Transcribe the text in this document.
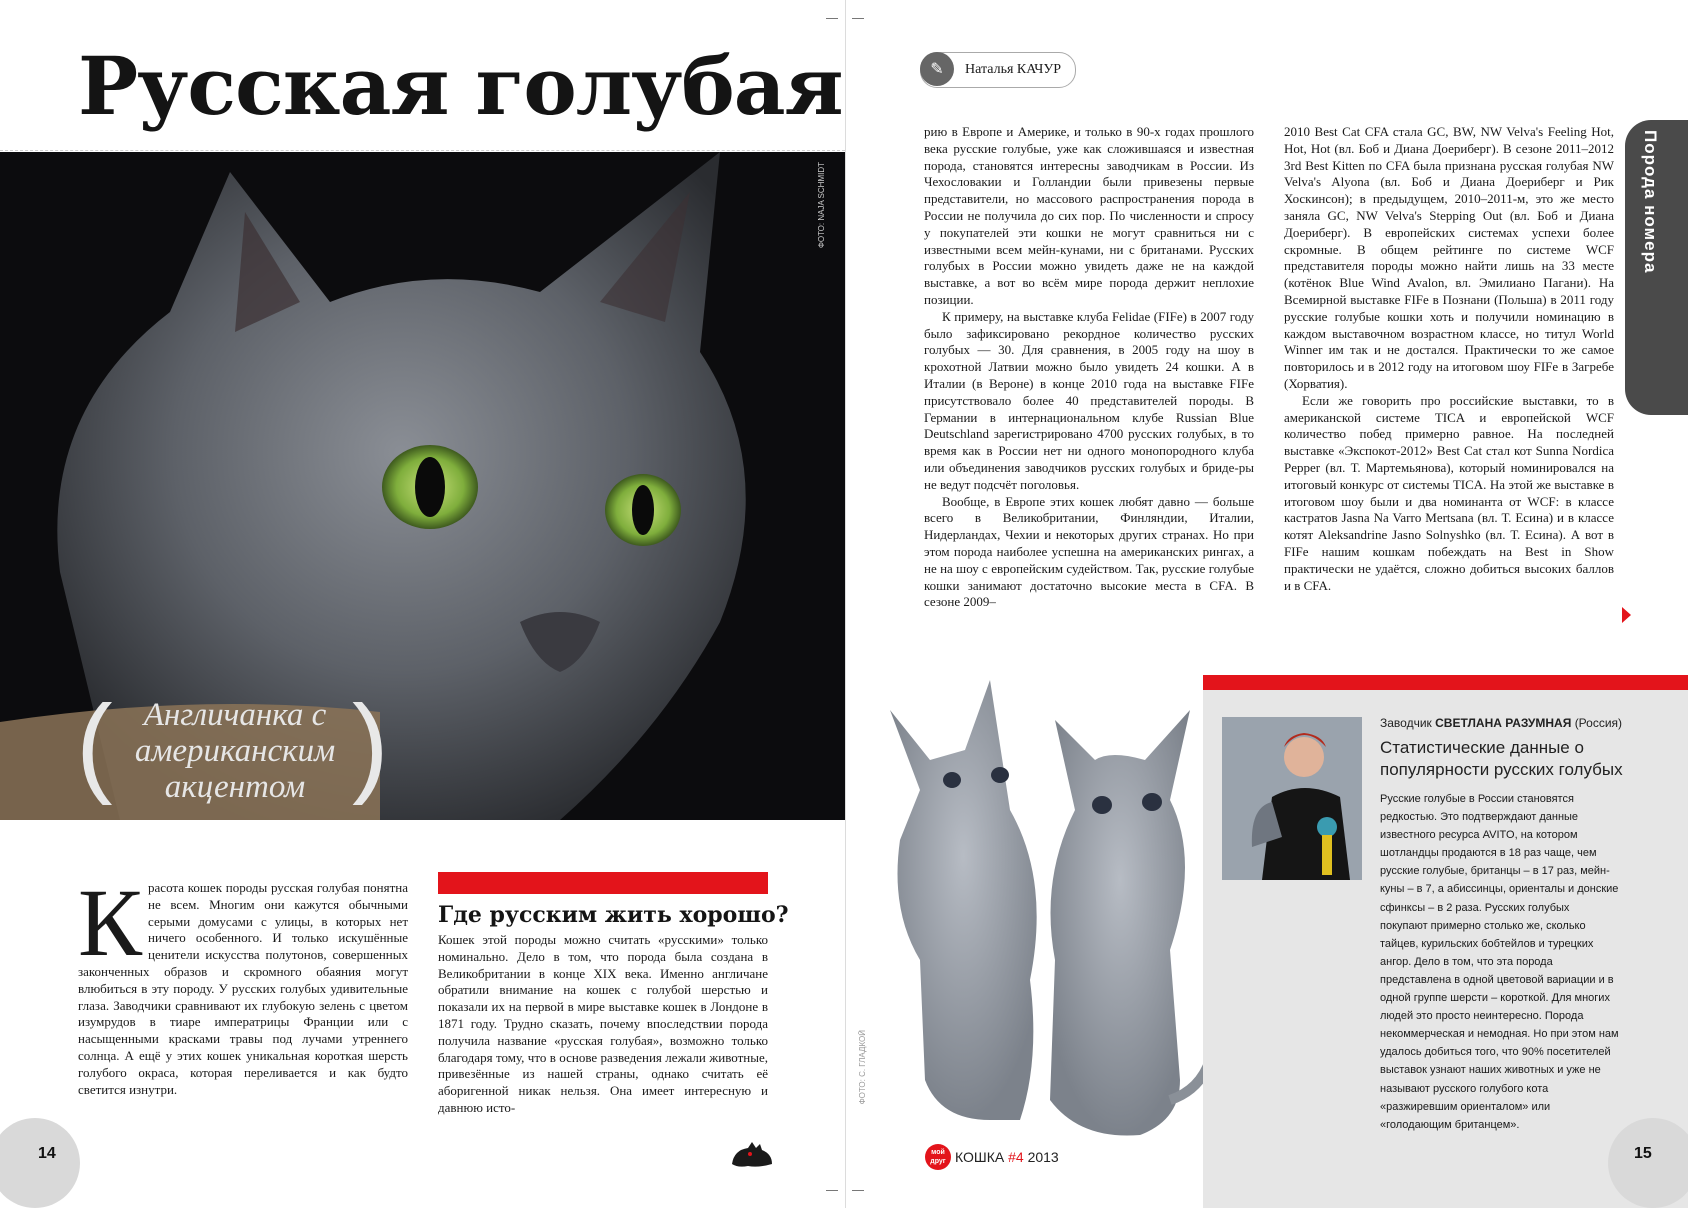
Русская голубая
ФОТО: NAJA SCHMIDT
( )
Англичанка с
американским
акцентом
Красота кошек породы русская голубая понятна не всем. Многим они кажутся обычными серыми домусами с улицы, в которых нет ничего особенного. И только искушённые ценители искусства полутонов, совершенных законченных образов и скромного обаяния могут влюбиться в эту породу. У русских голубых удивительные глаза. Заводчики сравнивают их глубокую зелень с цветом изумрудов в тиаре императрицы Франции или с насыщенными красками травы под лучами утреннего солнца. А ещё у этих кошек уникальная короткая шерсть голубого окраса, которая переливается и как будто светится изнутри.
Где русским жить хорошо?
Кошек этой породы можно считать «русскими» только номинально. Дело в том, что порода была создана в Великобритании в конце XIX века. Именно англичане обратили внимание на кошек с голубой шерстью и показали их на первой в мире выставке кошек в Лондоне в 1871 году. Трудно сказать, почему впоследствии порода получила название «русская голубая», возможно только благодаря тому, что в основе разведения лежали животные, привезённые из нашей страны, однако считать её аборигенной никак нельзя. Она имеет интересную и давнюю исто-
14
Наталья КАЧУР
✎

рию в Европе и Америке, и только в 90-х годах прошлого века русские голубые, уже как сложившаяся и известная порода, становятся интересны заводчикам в России. Из Чехословакии и Голландии были привезены первые представители, но массового распространения порода в России не получила до сих пор. По численности и спросу у покупателей эти кошки не могут сравниться ни с известными всем мейн-кунами, ни с британами. Русских голубых в России можно увидеть даже не на каждой выставке, а вот во всём мире порода держит неплохие позиции.

К примеру, на выставке клуба Felidae (FIFe) в 2007 году было зафиксировано рекордное количество русских голубых — 30. Для сравнения, в 2005 году на шоу в крохотной Латвии можно было увидеть 24 кошки. А в Италии (в Вероне) в конце 2010 года на выставке FIFe присутствовало более 40 представителей породы. В Германии в интернациональном клубе Russian Blue Deutschland зарегистрировано 4700 русских голубых, в то время как в России нет ни одного монопородного клуба или объединения заводчиков русских голубых и бриде-ры не ведут подсчёт поголовья.

Вообще, в Европе этих кошек любят давно — больше всего в Великобритании, Финляндии, Италии, Нидерландах, Чехии и некоторых других странах. Но при этом порода наиболее успешна на американских рингах, а не на шоу с европейским судейством. Так, русские голубые кошки занимают достаточно высокие места в CFA. В сезоне 2009–

2010 Best Cat CFA стала GC, BW, NW Velva's Feeling Hot, Hot, Hot (вл. Боб и Диана Доериберг). В сезоне 2011–2012 3rd Best Kitten по CFA была признана русская голубая NW Velva's Alyona (вл. Боб и Диана Доериберг и Рик Хоскинсон); в предыдущем, 2010–2011-м, это же место заняла GC, NW Velva's Stepping Out (вл. Боб и Диана Доериберг). В европейских системах успехи более скромные. В общем рейтинге по системе WCF представителя породы можно найти лишь на 33 месте (котёнок Blue Wind Avalon, вл. Эмилиано Пагани). На Всемирной выставке FIFe в Познани (Польша) в 2011 году русские голубые кошки хоть и получили номинацию в каждом выставочном возрастном классе, но титул World Winner им так и не достался. Практически то же самое повторилось и в 2012 году на итоговом шоу FIFe в Загребе (Хорватия).

Если же говорить про российские выставки, то в американской системе TICA и европейской WCF количество побед примерно равное. На последней выставке «Экспокот-2012» Best Cat стал кот Sunna Nordica Pepper (вл. Т. Мартемьянова), который номинировался на итоговый конкурс от системы TICA. На этой же выставке в итоговом шоу были и два номинанта от WCF: в классе кастратов Jasna Na Varro Mertsana (вл. Т. Есина) и в классе котят Aleksandrine Jasno Solnyshko (вл. Т. Есина). А вот в FIFe нашим кошкам побеждать на Best in Show практически не удаётся, сложно добиться высоких баллов и в CFA.

Порода номера
ФОТО: С. ГЛАДКОЙ
Заводчик СВЕТЛАНА РАЗУМНАЯ (Россия)
Статистические данные о популярности русских голубых
Русские голубые в России становятся редкостью. Это подтверждают данные известного ресурса AVITO, на котором шотландцы продаются в 18 раз чаще, чем русские голубые, британцы – в 17 раз, мейн-куны – в 7, а абиссинцы, ориенталы и донские сфинксы – в 2 раза. Русских голубых покупают примерно столько же, сколько тайцев, курильских бобтейлов и турецких ангор. Дело в том, что эта порода представлена в одной цветовой вариации и в одной группе шерсти – короткой. Для многих людей это просто неинтересно. Порода некоммерческая и немодная. Но при этом нам удалось добиться того, что 90% посетителей выставок узнают наших животных и уже не называют русского голубого кота «разжиревшим ориенталом» или «голодающим британцем».
мой друг КОШКА #4 2013	15
